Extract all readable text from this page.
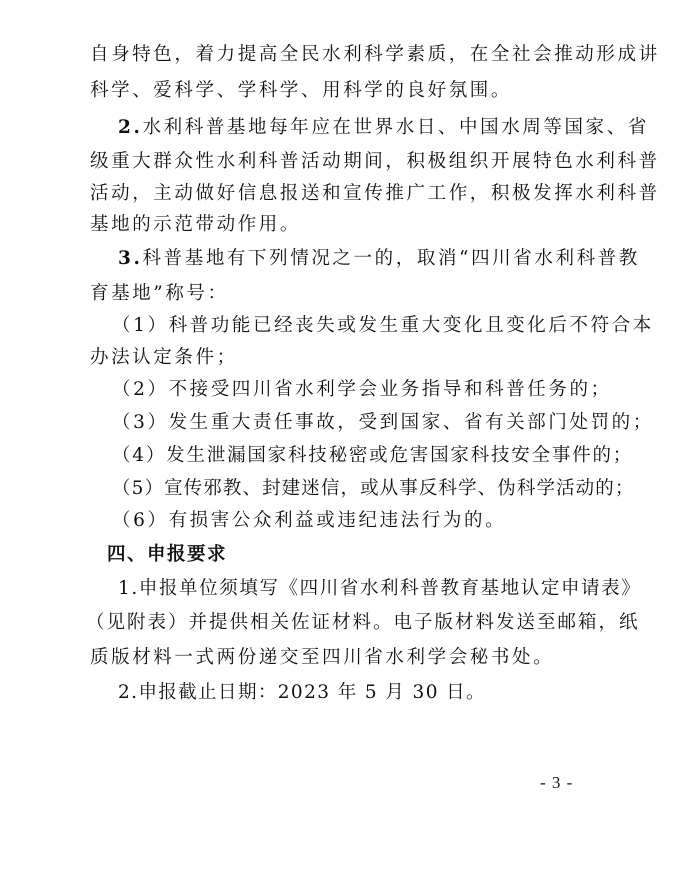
自身特色，着力提高全民水利科学素质，在全社会推动形成讲
科学、爱科学、学科学、用科学的良好氛围。
2.水利科普基地每年应在世界水日、中国水周等国家、省
级重大群众性水利科普活动期间，积极组织开展特色水利科普
活动，主动做好信息报送和宣传推广工作，积极发挥水利科普
基地的示范带动作用。
3.科普基地有下列情况之一的，取消“四川省水利科普教
育基地”称号：
（1）科普功能已经丧失或发生重大变化且变化后不符合本
办法认定条件；
（2）不接受四川省水利学会业务指导和科普任务的；
（3）发生重大责任事故，受到国家、省有关部门处罚的；
（4）发生泄漏国家科技秘密或危害国家科技安全事件的；
（5）宣传邪教、封建迷信，或从事反科学、伪科学活动的；
（6）有损害公众利益或违纪违法行为的。
四、申报要求
1.申报单位须填写《四川省水利科普教育基地认定申请表》
（见附表）并提供相关佐证材料。电子版材料发送至邮箱，纸
质版材料一式两份递交至四川省水利学会秘书处。
2.申报截止日期：2023 年 5 月 30 日。
- 3 -
